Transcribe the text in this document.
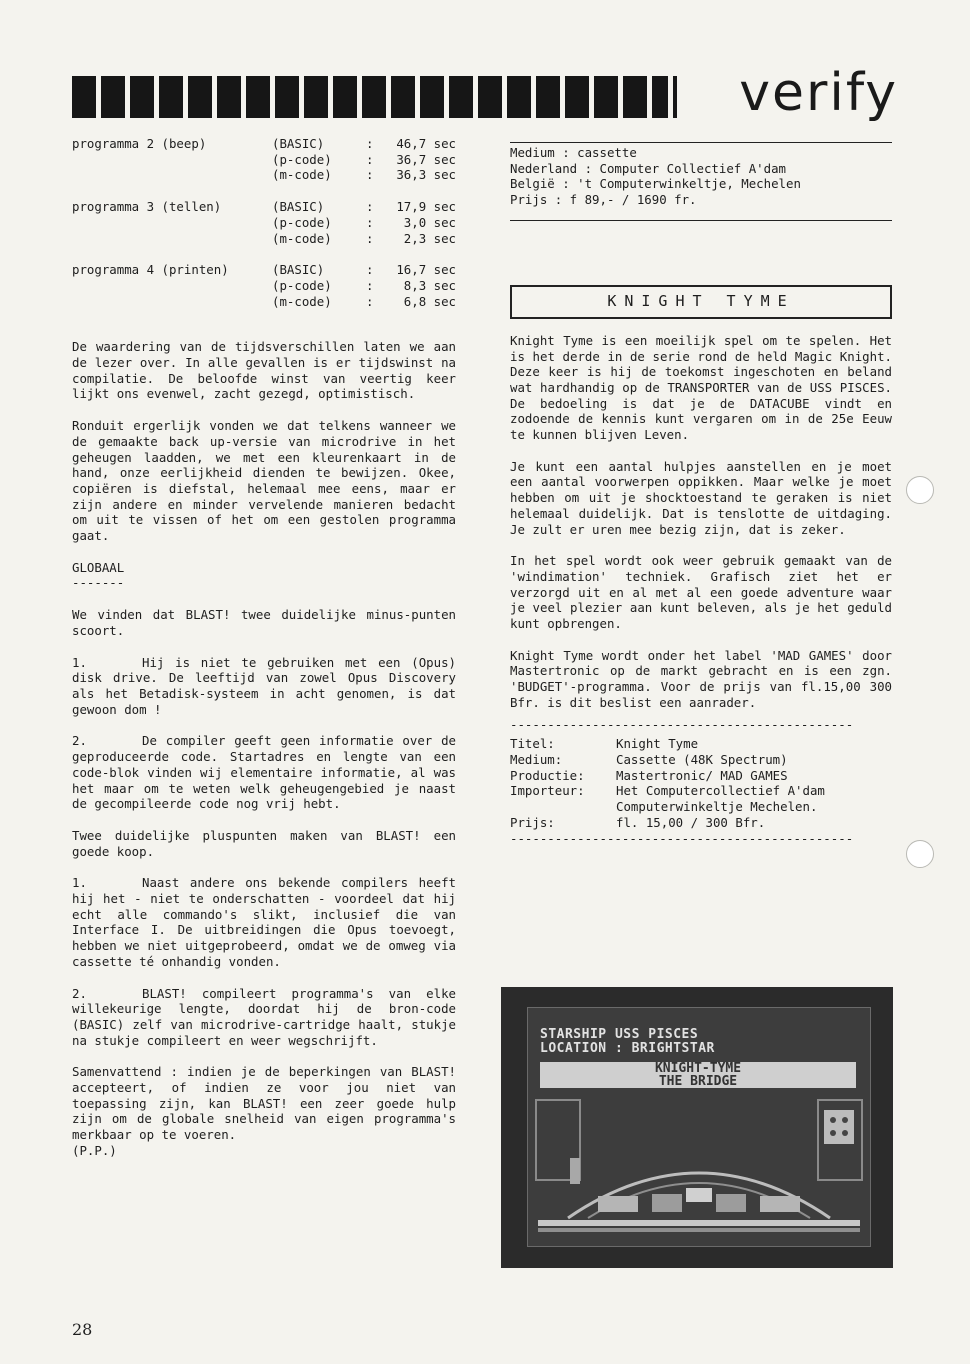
verify
programma 2 (beep)	(BASIC)	:	46,7 sec
	(p-code)	:	36,7 sec
	(m-code)	:	36,3 sec
programma 3 (tellen)	(BASIC)	:	17,9 sec
	(p-code)	:	3,0 sec
	(m-code)	:	2,3 sec
programma 4 (printen)	(BASIC)	:	16,7 sec
	(p-code)	:	8,3 sec
	(m-code)	:	6,8 sec

De waardering van de tijdsverschillen laten we aan de lezer over. In alle gevallen is er tijdswinst na compilatie. De beloofde winst van veertig keer lijkt ons evenwel, zacht gezegd, optimistisch.

Ronduit ergerlijk vonden we dat telkens wanneer we de gemaakte back up-versie van microdrive in het geheugen laadden, we met een kleurenkaart in de hand, onze eerlijkheid dienden te bewijzen. Okee, copiëren is diefstal, helemaal mee eens, maar er zijn andere en minder vervelende manieren bedacht om uit te vissen of het om een gestolen programma gaat.

GLOBAAL

-------

We vinden dat BLAST! twee duidelijke minus-punten scoort.

1.	Hij is niet te gebruiken met een (Opus) disk drive. De leeftijd van zowel Opus Discovery als het Betadisk-systeem in acht genomen, is dat gewoon dom !

2.	De compiler geeft geen informatie over de geproduceerde code. Startadres en lengte van een code-blok vinden wij elementaire informatie, al was het maar om te weten welk geheugengebied je naast de gecompileerde code nog vrij hebt.

Twee duidelijke pluspunten maken van BLAST! een goede koop.

1.	Naast andere ons bekende compilers heeft hij het - niet te onderschatten - voordeel dat hij echt alle commando's slikt, inclusief die van Interface I. De uitbreidingen die Opus toevoegt, hebben we niet uitgeprobeerd, omdat we de omweg via cassette té onhandig vonden.

2.	BLAST! compileert programma's van elke willekeurige lengte, doordat hij de bron-code (BASIC) zelf van microdrive-cartridge haalt, stukje na stukje compileert en weer wegschrijft.

Samenvattend : indien je de beperkingen van BLAST! accepteert, of indien ze voor jou niet van toepassing zijn, kan BLAST! een zeer goede hulp zijn om de globale snelheid van eigen programma's merkbaar op te voeren.
(P.P.)

Medium : cassette
Nederland : Computer Collectief A'dam
België : 't Computerwinkeltje, Mechelen
Prijs : f 89,- / 1690 fr.
KNIGHT TYME

Knight Tyme is een moeilijk spel om te spelen. Het is het derde in de serie rond de held Magic Knight. Deze keer is hij de toekomst ingeschoten en beland wat hardhandig op de TRANSPORTER van de USS PISCES. De bedoeling is dat je de DATACUBE vindt en zodoende de kennis kunt vergaren om in de 25e Eeuw te kunnen blijven Leven.

Je kunt een aantal hulpjes aanstellen en je moet een aantal voorwerpen oppikken. Maar welke je moet hebben om uit je shocktoestand te geraken is niet helemaal duidelijk. Dat is tenslotte de uitdaging. Je zult er uren mee bezig zijn, dat is zeker.

In het spel wordt ook weer gebruik gemaakt van de 'windimation' techniek. Grafisch ziet het er verzorgd uit en al met al een goede adventure waar je veel plezier aan kunt beleven, als je het geduld kunt opbrengen.

Knight Tyme wordt onder het label 'MAD GAMES' door Mastertronic op de markt gebracht en is een zgn. 'BUDGET'-programma. Voor de prijs van fl.15,00 300 Bfr. is dit beslist een aanrader.

----------------------------------------------
Titel:	Knight Tyme
Medium:	Cassette (48K Spectrum)
Productie:	Mastertronic/ MAD GAMES
Importeur:	Het Computercollectief A'dam
Computerwinkeltje Mechelen.
Prijs:	fl. 15,00 / 300 Bfr.
----------------------------------------------
STARSHIP USS PISCES
LOCATION : BRIGHTSTAR
KNIGHT-TYME
THE BRIDGE
28
